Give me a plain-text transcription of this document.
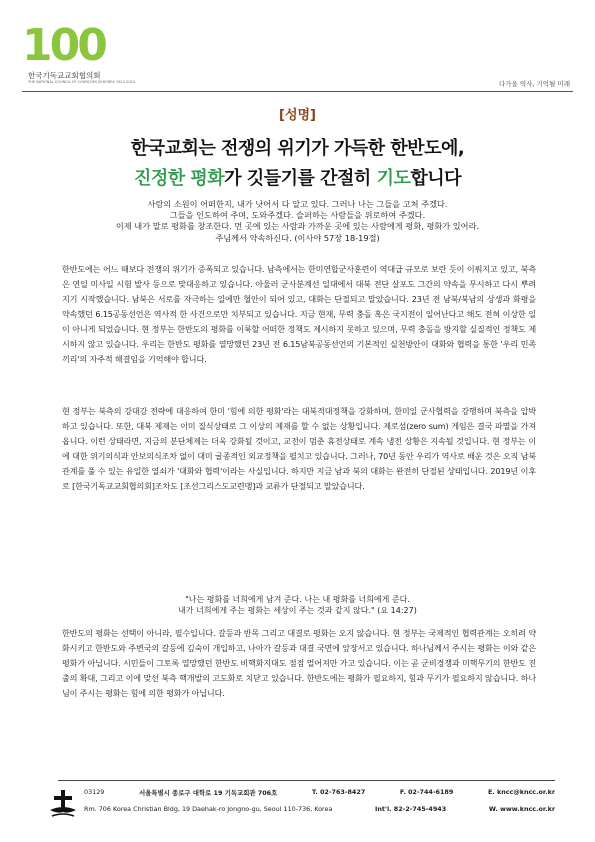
100
한국기독교교회협의회
THE NATIONAL COUNCIL OF CHURCHES IN KOREA 1924-2024	다가올 역사, 기억될 미래
[성명]
한국교회는 전쟁의 위기가 가득한 한반도에,
진정한 평화가 깃들기를 간절히 기도합니다
사람의 소원이 어떠한지, 내가 낫어서 다 알고 있다. 그러나 나는 그들을 고쳐 주겠다.
그들을 인도하여 주며, 도와주겠다. 슬퍼하는 사람들을 위로하여 주겠다.
이제 내가 말로 평화를 창조한다. 먼 곳에 있는 사람과 가까운 곳에 있는 사람에게 평화, 평화가 있어라.
주님께서 약속하신다. (이사야 57장 18-19절)
한반도에는 어느 때보다 전쟁의 위기가 증폭되고 있습니다. 남측에서는 한미연합군사훈련이 역대급 규모로 보란 듯이 이뤄지고 있고, 북측은 연일 미사일 시험 발사 등으로 맞대응하고 있습니다. 아울러 군사분계선 일대에서 대북 전단 살포도 그간의 약속을 무시하고 다시 뿌려지기 시작했습니다. 남북은 서로를 자극하는 일에만 혈안이 되어 있고, 대화는 단절되고 말았습니다. 23년 전 남북/북남의 상생과 화평을 약속했던 6.15공동선언은 역사적 한 사건으로만 치부되고 있습니다. 지금 현재, 무력 충돌 혹은 국지전이 일어난다고 해도 전혀 이상한 일이 아니게 되었습니다. 현 정부는 한반도의 평화를 이룩할 어떠한 정책도 제시하지 못하고 있으며, 무력 충돌을 방지할 실질적인 정책도 제시하지 않고 있습니다. 우리는 한반도 평화를 열망했던 23년 전 6.15남북공동선언의 기본적인 실천방안이 대화와 협력을 통한 '우리 민족끼리'의 자주적 해결임을 기억해야 합니다.
현 정부는 북측의 강대강 전략에 대응하여 한미 '힘에 의한 평화'라는 대북적대정책을 강화하며, 한미일 군사협력을 강행하며 북측을 압박하고 있습니다. 또한, 대북 제재는 이미 질식상태로 그 이상의 제재를 할 수 없는 상황입니다. 제로섬(zero sum) 게임은 결국 파멸을 가져옵니다. 이런 상태라면, 지금의 분단체제는 더욱 강화될 것이고, 교전이 멈춘 휴전상태로 계속 냉전 상황은 지속될 것입니다. 현 정부는 이에 대한 위기의식과 안보의식조차 없이 대미 굴종적인 외교정책을 펼치고 있습니다. 그러나, 70년 동안 우리가 역사로 배운 것은 오직 남북관계를 풀 수 있는 유일한 열쇠가 '대화와 협력'이라는 사실입니다. 하지만 지금 남과 북의 대화는 완전히 단절된 상태입니다. 2019년 이후로 [한국기독교교회협의회]조차도 [조선그리스도교련맹]과 교류가 단절되고 말았습니다.
"나는 평화를 너희에게 남겨 준다. 나는 내 평화를 너희에게 준다.
내가 너희에게 주는 평화는 세상이 주는 것과 같지 않다." (요 14:27)
한반도의 평화는 선택이 아니라, 필수입니다. 갈등과 반목 그리고 대결로 평화는 오지 않습니다. 현 정부는 국제적인 협력관계는 오히려 약화시키고 한반도와 주변국의 갈등에 깊숙이 개입하고, 나아가 갈등과 대결 국면에 앞장서고 있습니다. 하나님께서 주시는 평화는 이와 같은 평화가 아닙니다. 시민들이 그토록 열망했던 한반도 비핵화지대도 점점 멀어져만 가고 있습니다. 이는 곧 군비경쟁과 미핵무기의 한반도 진출의 확대, 그리고 이에 맞선 북측 핵개발의 고도화로 치닫고 있습니다. 한반도에는 평화가 필요하지, 힘과 무기가 필요하지 않습니다. 하나님이 주시는 평화는 힘에 의한 평화가 아닙니다.
03129	서울특별시 종로구 대학로 19 기독교회관 706호	T. 02-763-8427	F. 02-744-6189	E. kncc@kncc.or.kr
Rm. 706 Korea Christian Bldg, 19 Daehak-ro Jongno-gu, Seoul 110-736, Korea	Int'l. 82-2-745-4943	W. www.kncc.or.kr
